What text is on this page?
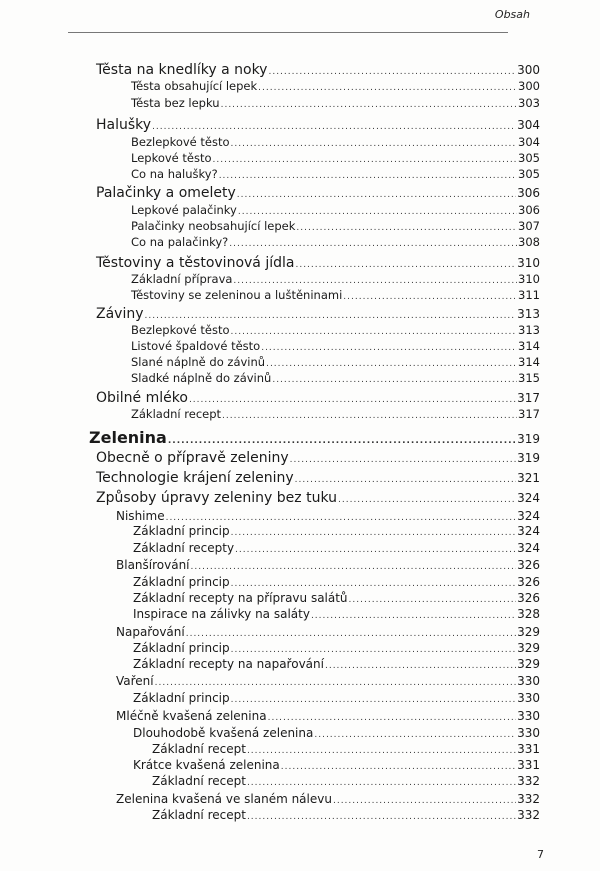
Obsah
Těsta na knedlíky a noky .....	300
Těsta obsahující lepek .....	300
Těsta bez lepku .....	303
Halušky .....	304
Bezlepkové těsto .....	304
Lepkové těsto .....	305
Co na halušky? .....	305
Palačinky a omelety .....	306
Lepkové palačinky .....	306
Palačinky neobsahující lepek .....	307
Co na palačinky? .....	308
Těstoviny a těstovinová jídla .....	310
Základní příprava .....	310
Těstoviny se zeleninou a luštěninami .....	311
Záviny .....	313
Bezlepkové těsto .....	313
Listové špaldové těsto .....	314
Slané náplně do závinů .....	314
Sladké náplně do závinů .....	315
Obilné mléko .....	317
Základní recept .....	317
Zelenina .....	319
Obecně o přípravě zeleniny .....	319
Technologie krájení zeleniny .....	321
Způsoby úpravy zeleniny bez tuku .....	324
Nishime .....	324
Základní princip .....	324
Základní recepty .....	324
Blanšírování .....	326
Základní princip .....	326
Základní recepty na přípravu salátů .....	326
Inspirace na zálivky na saláty .....	328
Napařování .....	329
Základní princip .....	329
Základní recepty na napařování .....	329
Vaření .....	330
Základní princip .....	330
Mléčně kvašená zelenina .....	330
Dlouhodobě kvašená zelenina .....	330
Základní recept .....	331
Krátce kvašená zelenina .....	331
Základní recept .....	332
Zelenina kvašená ve slaném nálevu .....	332
Základní recept .....	332
7
